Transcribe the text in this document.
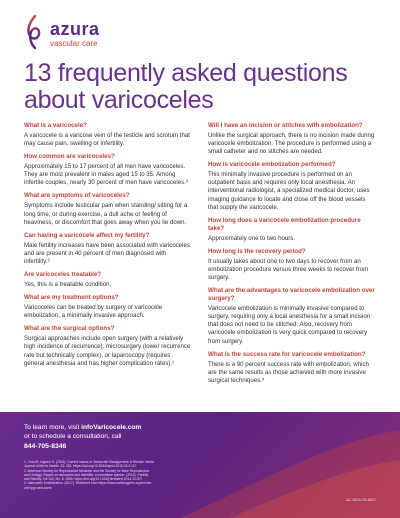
azura
vascular care
13 frequently asked questions about varicoceles
What is a varicocele?
A varicocele is a varicose vein of the testicle and scrotum that may cause pain, swelling or infertility.
How common are varicoceles?
Approximately 15 to 17 percent of all men have varicoceles. They are most prevalent in males aged 15 to 35. Among infertile couples, nearly 30 percent of men have varicoceles.³
What are symptoms of varicoceles?
Symptoms include testicular pain when standing/ sitting for a long time, or during exercise, a dull ache or feeling of heaviness, or discomfort that goes away when you lie down.
Can having a varicocele affect my fertility?
Male fertility increases have been associated with varicoceles and are present in 40 percent of men diagnosed with infertility.²
Are varicoceles treatable?
Yes, this is a treatable condition.
What are my treatment options?
Varicoceles can be treated by surgery or varicocele embolization, a minimally invasive approach.
What are the surgical options?
Surgical approaches include open surgery (with a relatively high incidence of recurrence), microsurgery (lower recurrence rate but technically complex), or laparoscopy (requires general anesthesia and has higher complication rates).¹
Will I have an incision or stitches with embolization?
Unlike the surgical approach, there is no incision made during varicocele embolization. The procedure is performed using a small catheter and no stitches are needed.
How is varicocele embolization performed?
This minimally invasive procedure is performed on an outpatient basis and requires only local anesthesia. An interventional radiologist, a specialized medical doctor, uses imaging guidance to locate and close off the blood vessels that supply the varicocele.
How long does a varicocele embolization procedure take?
Approximately one to two hours.
How long is the recovery period?
It usually takes about one to two days to recover from an embolization procedure versus three weeks to recover from surgery.
What are the advantages to varicocele embolization over surgery?
Varicocele embolization is minimally invasive compared to surgery, requiring only a local anesthesia for a small incision that does not need to be stitched. Also, recovery from varicocele embolization is very quick compared to recovery from surgery.
What is the success rate for varicocele embolization?
There is a 90 percent success rate with embolization, which are the same results as those achieved with more invasive surgical techniques.³
To learn more, visit infoVaricocele.com
or to schedule a consultation, call
844-705-8346
1. Chiu M, Ingham S. (2015). Current Issues in Varicocele Management: A Review. World
Journal of Men's Health. 33: 281. https://doi.org/10.5534/wjmh.2015.33.3.117
2. American Society for Reproductive Medicine and the Society for Male Reproduction
and Urology. Report on varicocele and infertility: a committee opinion. (2014). Fertility
and Sterility. Vol 102, No. 6. 1556. https://doi.org/10.1016/j.fertnstert.2014.10.007
3. Varicocele Embolization. (2017). Retrieved from https://www.radiologyinfo.org/en/info.
cfm?pg=varicocele
AZ-VADU-00-8007
